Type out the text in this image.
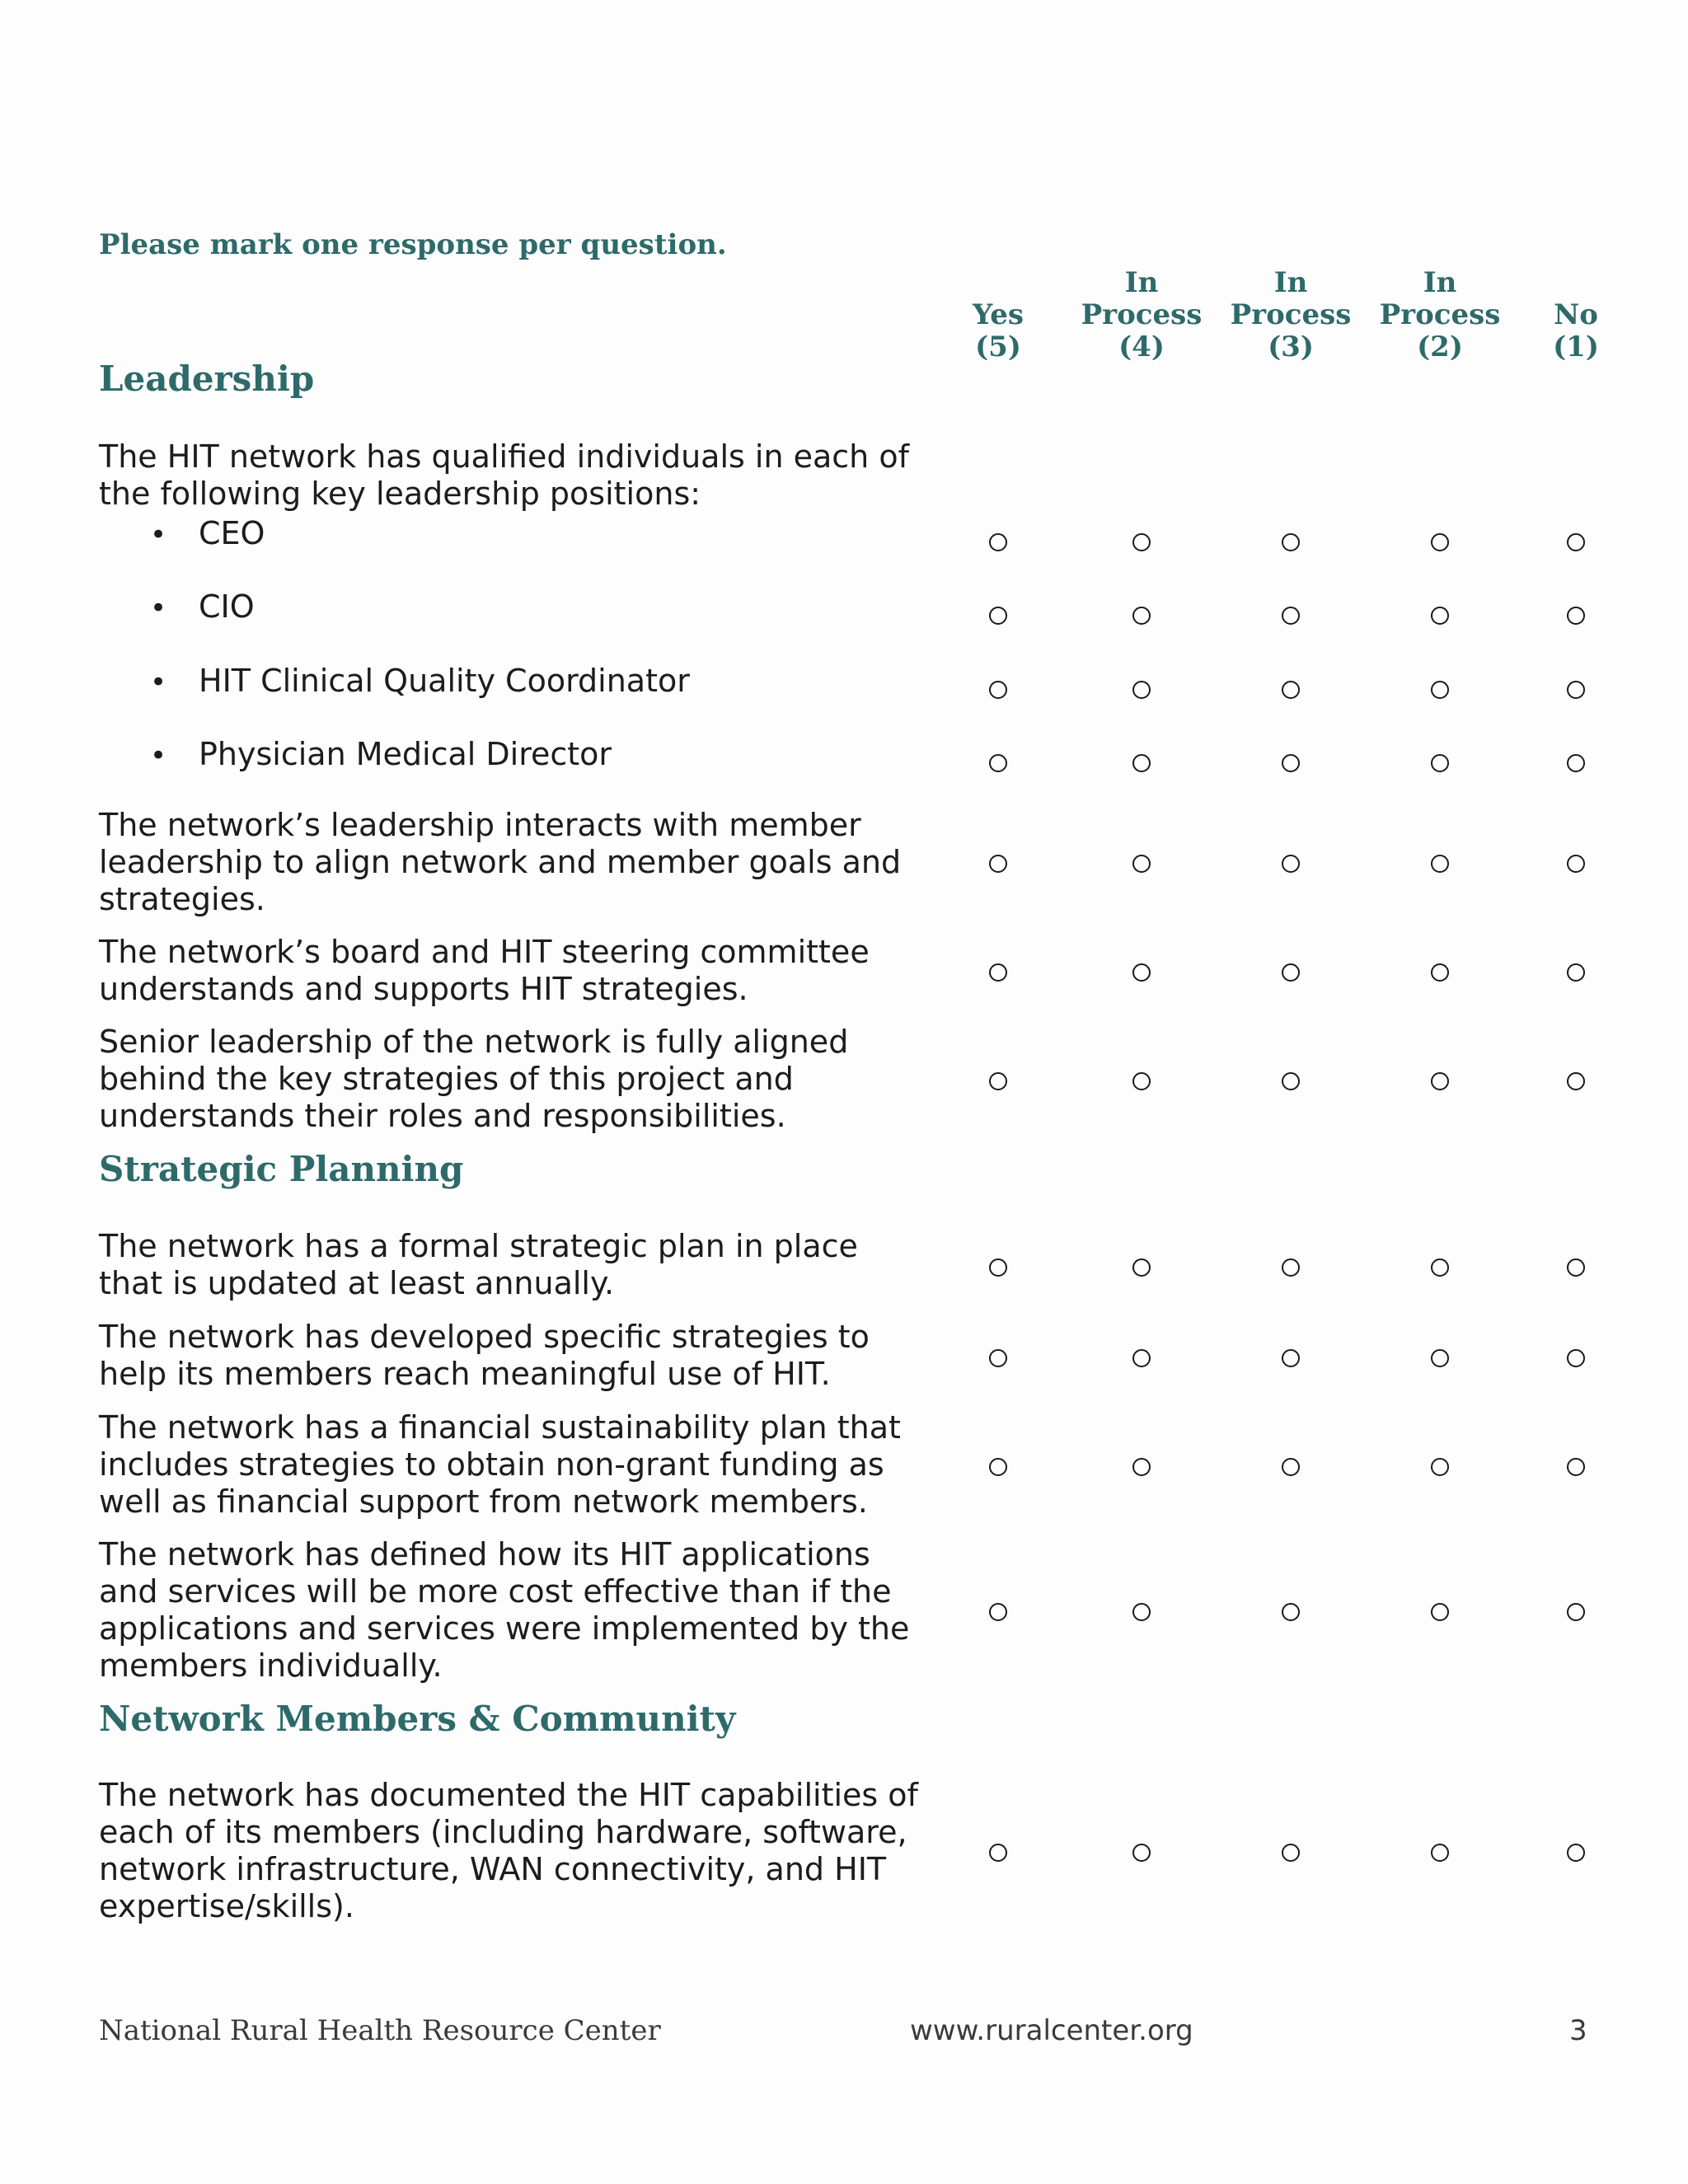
Please mark one response per question.

Yes
(5)
In
Process
(4)
In
Process
(3)
In
Process
(2)

No
(1)
Leadership
The HIT network has qualified individuals in each of the following key leadership positions:
• CEO
• CIO
• HIT Clinical Quality Coordinator
• Physician Medical Director
The network’s leadership interacts with member leadership to align network and member goals and strategies.
The network’s board and HIT steering committee understands and supports HIT strategies.
Senior leadership of the network is fully aligned behind the key strategies of this project and understands their roles and responsibilities.
Strategic Planning
The network has a formal strategic plan in place that is updated at least annually.
The network has developed specific strategies to help its members reach meaningful use of HIT.
The network has a financial sustainability plan that includes strategies to obtain non-grant funding as well as financial support from network members.
The network has defined how its HIT applications and services will be more cost effective than if the applications and services were implemented by the members individually.
Network Members & Community
The network has documented the HIT capabilities of each of its members (including hardware, software, network infrastructure, WAN connectivity, and HIT expertise/skills).
National Rural Health Resource Center	www.ruralcenter.org	3
